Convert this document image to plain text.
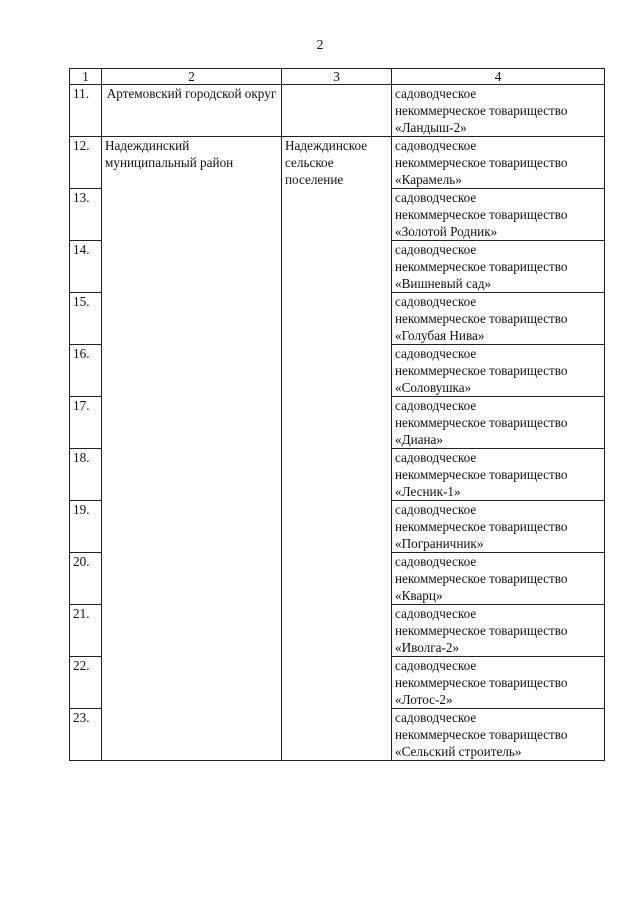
2
1	2	3	4
11.	Артемовский городской округ		садоводческое
некоммерческое товарищество
«Ландыш-2»

12.	Надеждинский муниципальный район	Надеждинское сельское поселение	садоводческое
некоммерческое товарищество
«Карамель»

13.			садоводческое
некоммерческое товарищество
«Золотой Родник»

14.			садоводческое
некоммерческое товарищество
«Вишневый сад»

15.			садоводческое
некоммерческое товарищество
«Голубая Нива»

16.			садоводческое
некоммерческое товарищество
«Соловушка»

17.			садоводческое
некоммерческое товарищество
«Диана»

18.			садоводческое
некоммерческое товарищество
«Лесник-1»

19.			садоводческое
некоммерческое товарищество
«Пограничник»

20.			садоводческое
некоммерческое товарищество
«Кварц»

21.			садоводческое
некоммерческое товарищество
«Иволга-2»

22.			садоводческое
некоммерческое товарищество
«Лотос-2»

23.			садоводческое
некоммерческое товарищество
«Сельский строитель»
